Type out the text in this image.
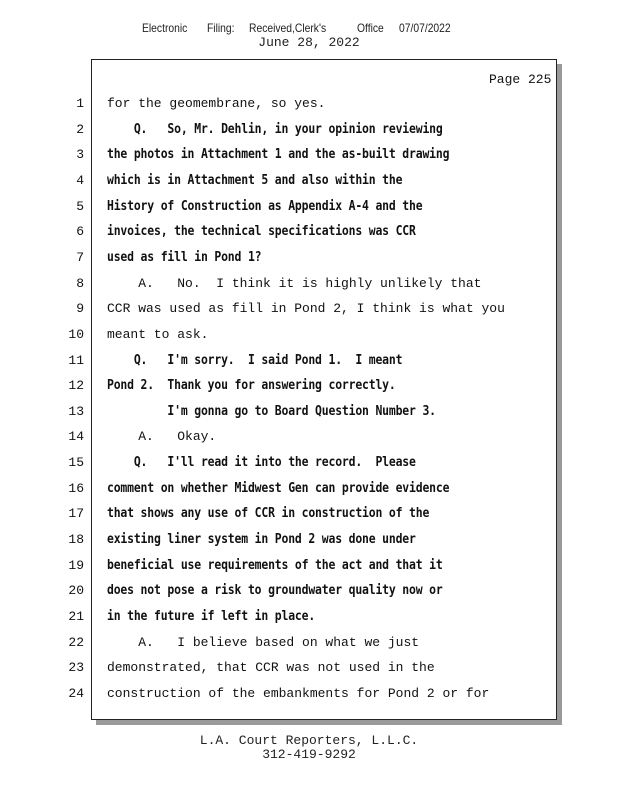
Electronic Filing: Received,Clerk's	Office 07/07/2022
June 28, 2022
Page 225
1 for the geomembrane, so yes.
2 Q.   So, Mr. Dehlin, in your opinion reviewing
3 the photos in Attachment 1 and the as-built drawing
4 which is in Attachment 5 and also within the
5 History of Construction as Appendix A-4 and the
6 invoices, the technical specifications was CCR
7 used as fill in Pond 1?
8 A.   No.  I think it is highly unlikely that
9 CCR was used as fill in Pond 2, I think is what you
10 meant to ask.
11 Q.   I'm sorry.  I said Pond 1.  I meant
12 Pond 2.  Thank you for answering correctly.
13 I'm gonna go to Board Question Number 3.
14 A.   Okay.
15 Q.   I'll read it into the record.  Please
16 comment on whether Midwest Gen can provide evidence
17 that shows any use of CCR in construction of the
18 existing liner system in Pond 2 was done under
19 beneficial use requirements of the act and that it
20 does not pose a risk to groundwater quality now or
21 in the future if left in place.
22 A.   I believe based on what we just
23 demonstrated, that CCR was not used in the
24 construction of the embankments for Pond 2 or for
L.A. Court Reporters, L.L.C.
312-419-9292
